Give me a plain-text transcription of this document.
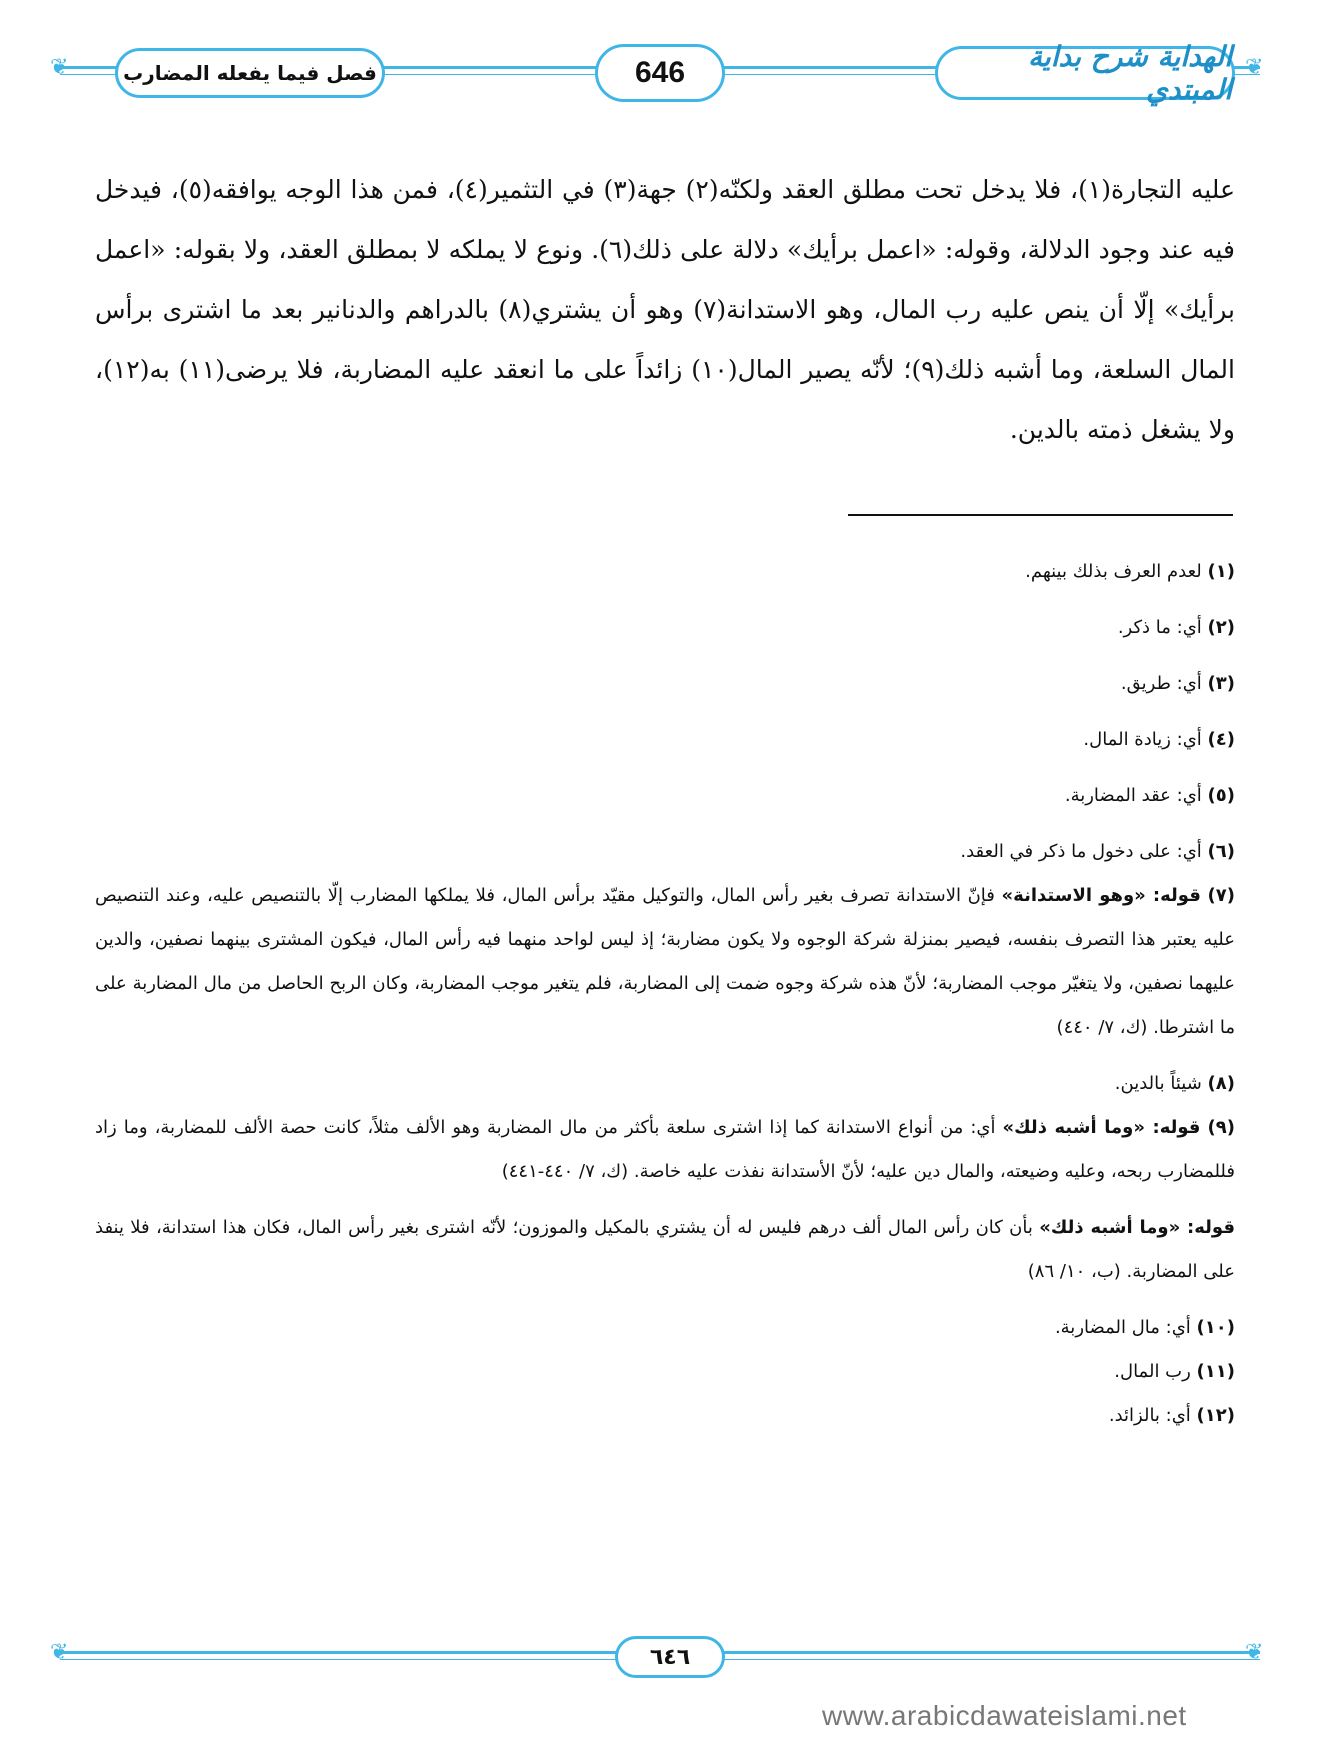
❦	❦
فصل فيما يفعله المضارب	646	الهداية شرح بداية المبتدي

عليه التجارة(١)، فلا يدخل تحت مطلق العقد ولكنّه(٢) جهة(٣) في التثمير(٤)، فمن هذا الوجه يوافقه(٥)، فيدخل فيه عند وجود الدلالة، وقوله: «اعمل برأيك» دلالة على ذلك(٦). ونوع لا يملكه لا بمطلق العقد، ولا بقوله: «اعمل برأيك» إلّا أن ينص عليه رب المال، وهو الاستدانة(٧) وهو أن يشتري(٨) بالدراهم والدنانير بعد ما اشترى برأس المال السلعة، وما أشبه ذلك(٩)؛ لأنّه يصير المال(١٠) زائداً على ما انعقد عليه المضاربة، فلا يرضى(١١) به(١٢)، ولا يشغل ذمته بالدين.

(١) لعدم العرف بذلك بينهم.

(٢) أي: ما ذكر.

(٣) أي: طريق.

(٤) أي: زيادة المال.

(٥) أي: عقد المضاربة.

(٦) أي: على دخول ما ذكر في العقد.

(٧) قوله: «وهو الاستدانة» فإنّ الاستدانة تصرف بغير رأس المال، والتوكيل مقيّد برأس المال، فلا يملكها المضارب إلّا بالتنصيص عليه، وعند التنصيص عليه يعتبر هذا التصرف بنفسه، فيصير بمنزلة شركة الوجوه ولا يكون مضاربة؛ إذ ليس لواحد منهما فيه رأس المال، فيكون المشترى بينهما نصفين، والدين عليهما نصفين، ولا يتغيّر موجب المضاربة؛ لأنّ هذه شركة وجوه ضمت إلى المضاربة، فلم يتغير موجب المضاربة، وكان الربح الحاصل من مال المضاربة على ما اشترطا. (ك، ٧/ ٤٤٠)

(٨) شيئاً بالدين.

(٩) قوله: «وما أشبه ذلك» أي: من أنواع الاستدانة كما إذا اشترى سلعة بأكثر من مال المضاربة وهو الألف مثلاً، كانت حصة الألف للمضاربة، وما زاد فللمضارب ربحه، وعليه وضيعته، والمال دين عليه؛ لأنّ الأستدانة نفذت عليه خاصة. (ك، ٧/ ٤٤٠-٤٤١)

قوله: «وما أشبه ذلك» بأن كان رأس المال ألف درهم فليس له أن يشتري بالمكيل والموزون؛ لأنّه اشترى بغير رأس المال، فكان هذا استدانة، فلا ينفذ على المضاربة. (ب، ١٠/ ٨٦)

(١٠) أي: مال المضاربة.

(١١) رب المال.

(١٢) أي: بالزائد.

❦	❦
٦٤٦
www.arabicdawateislami.net
